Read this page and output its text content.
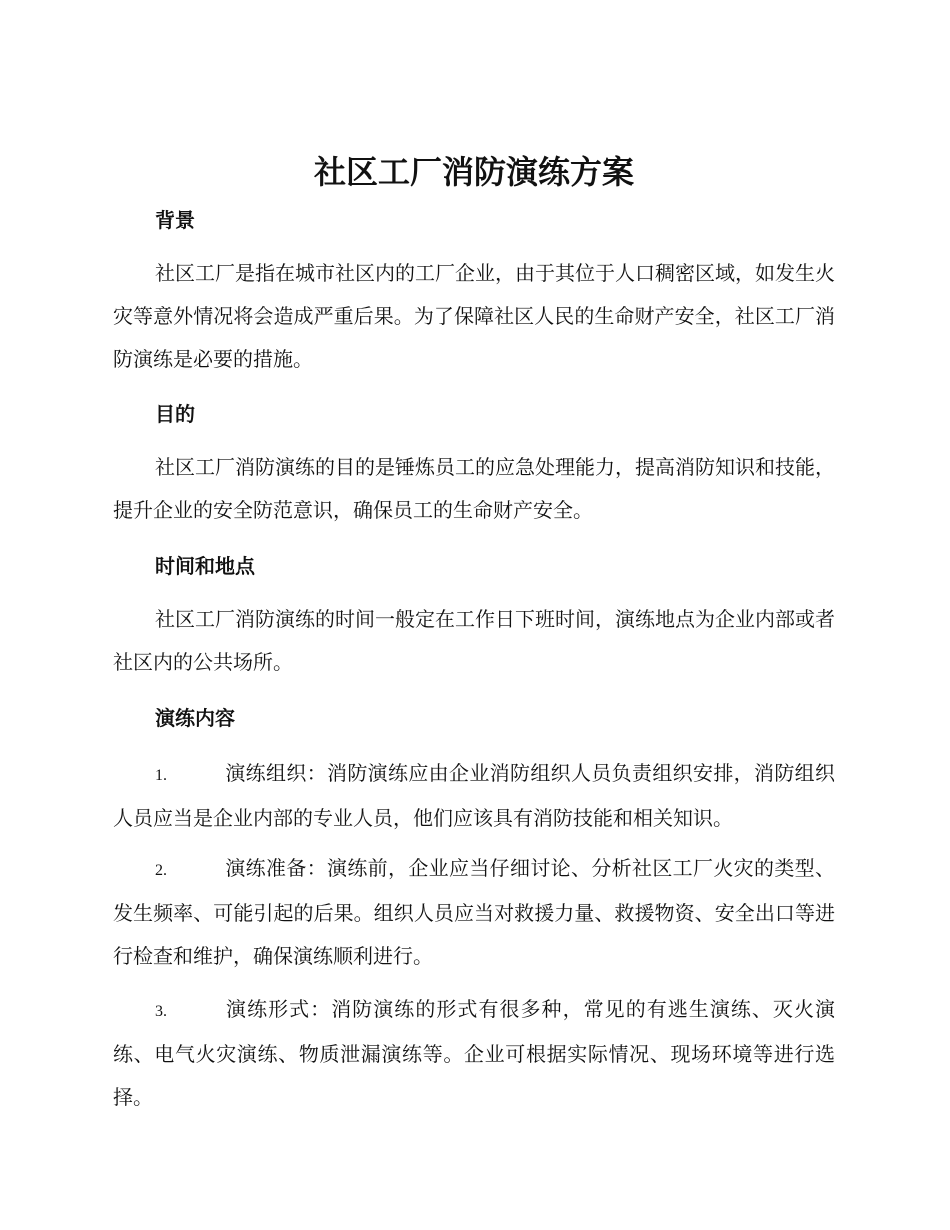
社区工厂消防演练方案
背景

社区工厂是指在城市社区内的工厂企业，由于其位于人口稠密区域，如发生火灾等意外情况将会造成严重后果。为了保障社区人民的生命财产安全，社区工厂消防演练是必要的措施。

目的

社区工厂消防演练的目的是锤炼员工的应急处理能力，提高消防知识和技能，提升企业的安全防范意识，确保员工的生命财产安全。

时间和地点

社区工厂消防演练的时间一般定在工作日下班时间，演练地点为企业内部或者社区内的公共场所。

演练内容

1.	演练组织：消防演练应由企业消防组织人员负责组织安排，消防组织人员应当是企业内部的专业人员，他们应该具有消防技能和相关知识。

2.	演练准备：演练前，企业应当仔细讨论、分析社区工厂火灾的类型、发生频率、可能引起的后果。组织人员应当对救援力量、救援物资、安全出口等进行检查和维护，确保演练顺利进行。

3.	演练形式：消防演练的形式有很多种，常见的有逃生演练、灭火演练、电气火灾演练、物质泄漏演练等。企业可根据实际情况、现场环境等进行选择。
